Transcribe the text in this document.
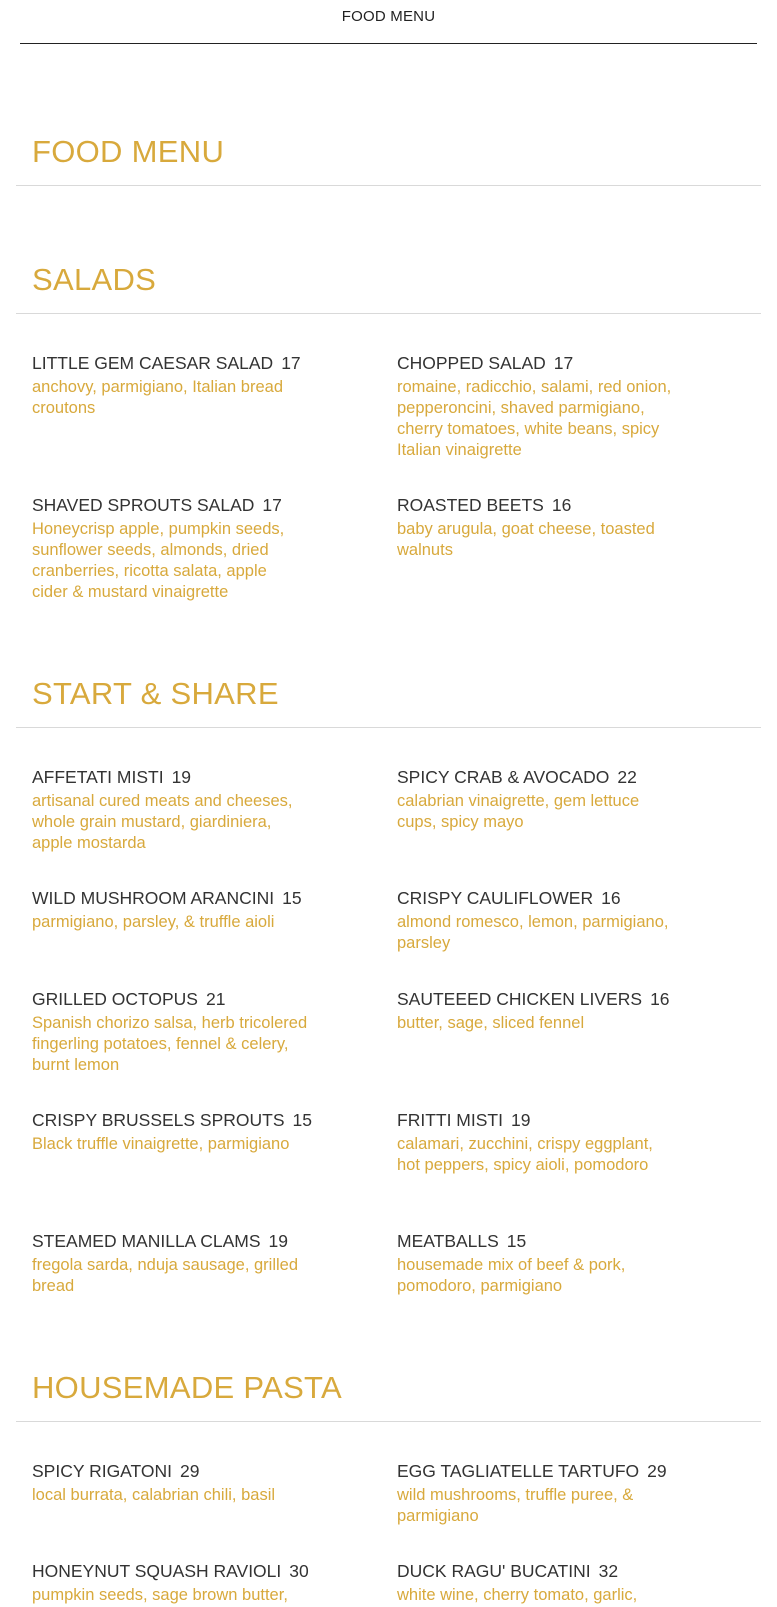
FOOD MENU
FOOD MENU
SALADS
LITTLE GEM CAESAR SALAD 17
anchovy, parmigiano, Italian bread croutons
CHOPPED SALAD 17
romaine, radicchio, salami, red onion, pepperoncini, shaved parmigiano, cherry tomatoes, white beans, spicy Italian vinaigrette
SHAVED SPROUTS SALAD 17
Honeycrisp apple, pumpkin seeds, sunflower seeds, almonds, dried cranberries, ricotta salata, apple cider & mustard vinaigrette
ROASTED BEETS 16
baby arugula, goat cheese, toasted walnuts
START & SHARE
AFFETATI MISTI 19
artisanal cured meats and cheeses, whole grain mustard, giardiniera, apple mostarda
SPICY CRAB & AVOCADO 22
calabrian vinaigrette, gem lettuce cups, spicy mayo
WILD MUSHROOM ARANCINI 15
parmigiano, parsley, & truffle aioli
CRISPY CAULIFLOWER 16
almond romesco, lemon, parmigiano, parsley
GRILLED OCTOPUS 21
Spanish chorizo salsa, herb tricolered fingerling potatoes, fennel & celery, burnt lemon
SAUTEEED CHICKEN LIVERS 16
butter, sage, sliced fennel
CRISPY BRUSSELS SPROUTS 15
Black truffle vinaigrette, parmigiano
FRITTI MISTI 19
calamari, zucchini, crispy eggplant, hot peppers, spicy aioli, pomodoro
STEAMED MANILLA CLAMS 19
fregola sarda, nduja sausage, grilled bread
MEATBALLS 15
housemade mix of beef & pork, pomodoro, parmigiano
HOUSEMADE PASTA
SPICY RIGATONI 29
local burrata, calabrian chili, basil
EGG TAGLIATELLE TARTUFO 29
wild mushrooms, truffle puree, & parmigiano
HONEYNUT SQUASH RAVIOLI 30
pumpkin seeds, sage brown butter,
DUCK RAGU' BUCATINI 32
white wine, cherry tomato, garlic,
